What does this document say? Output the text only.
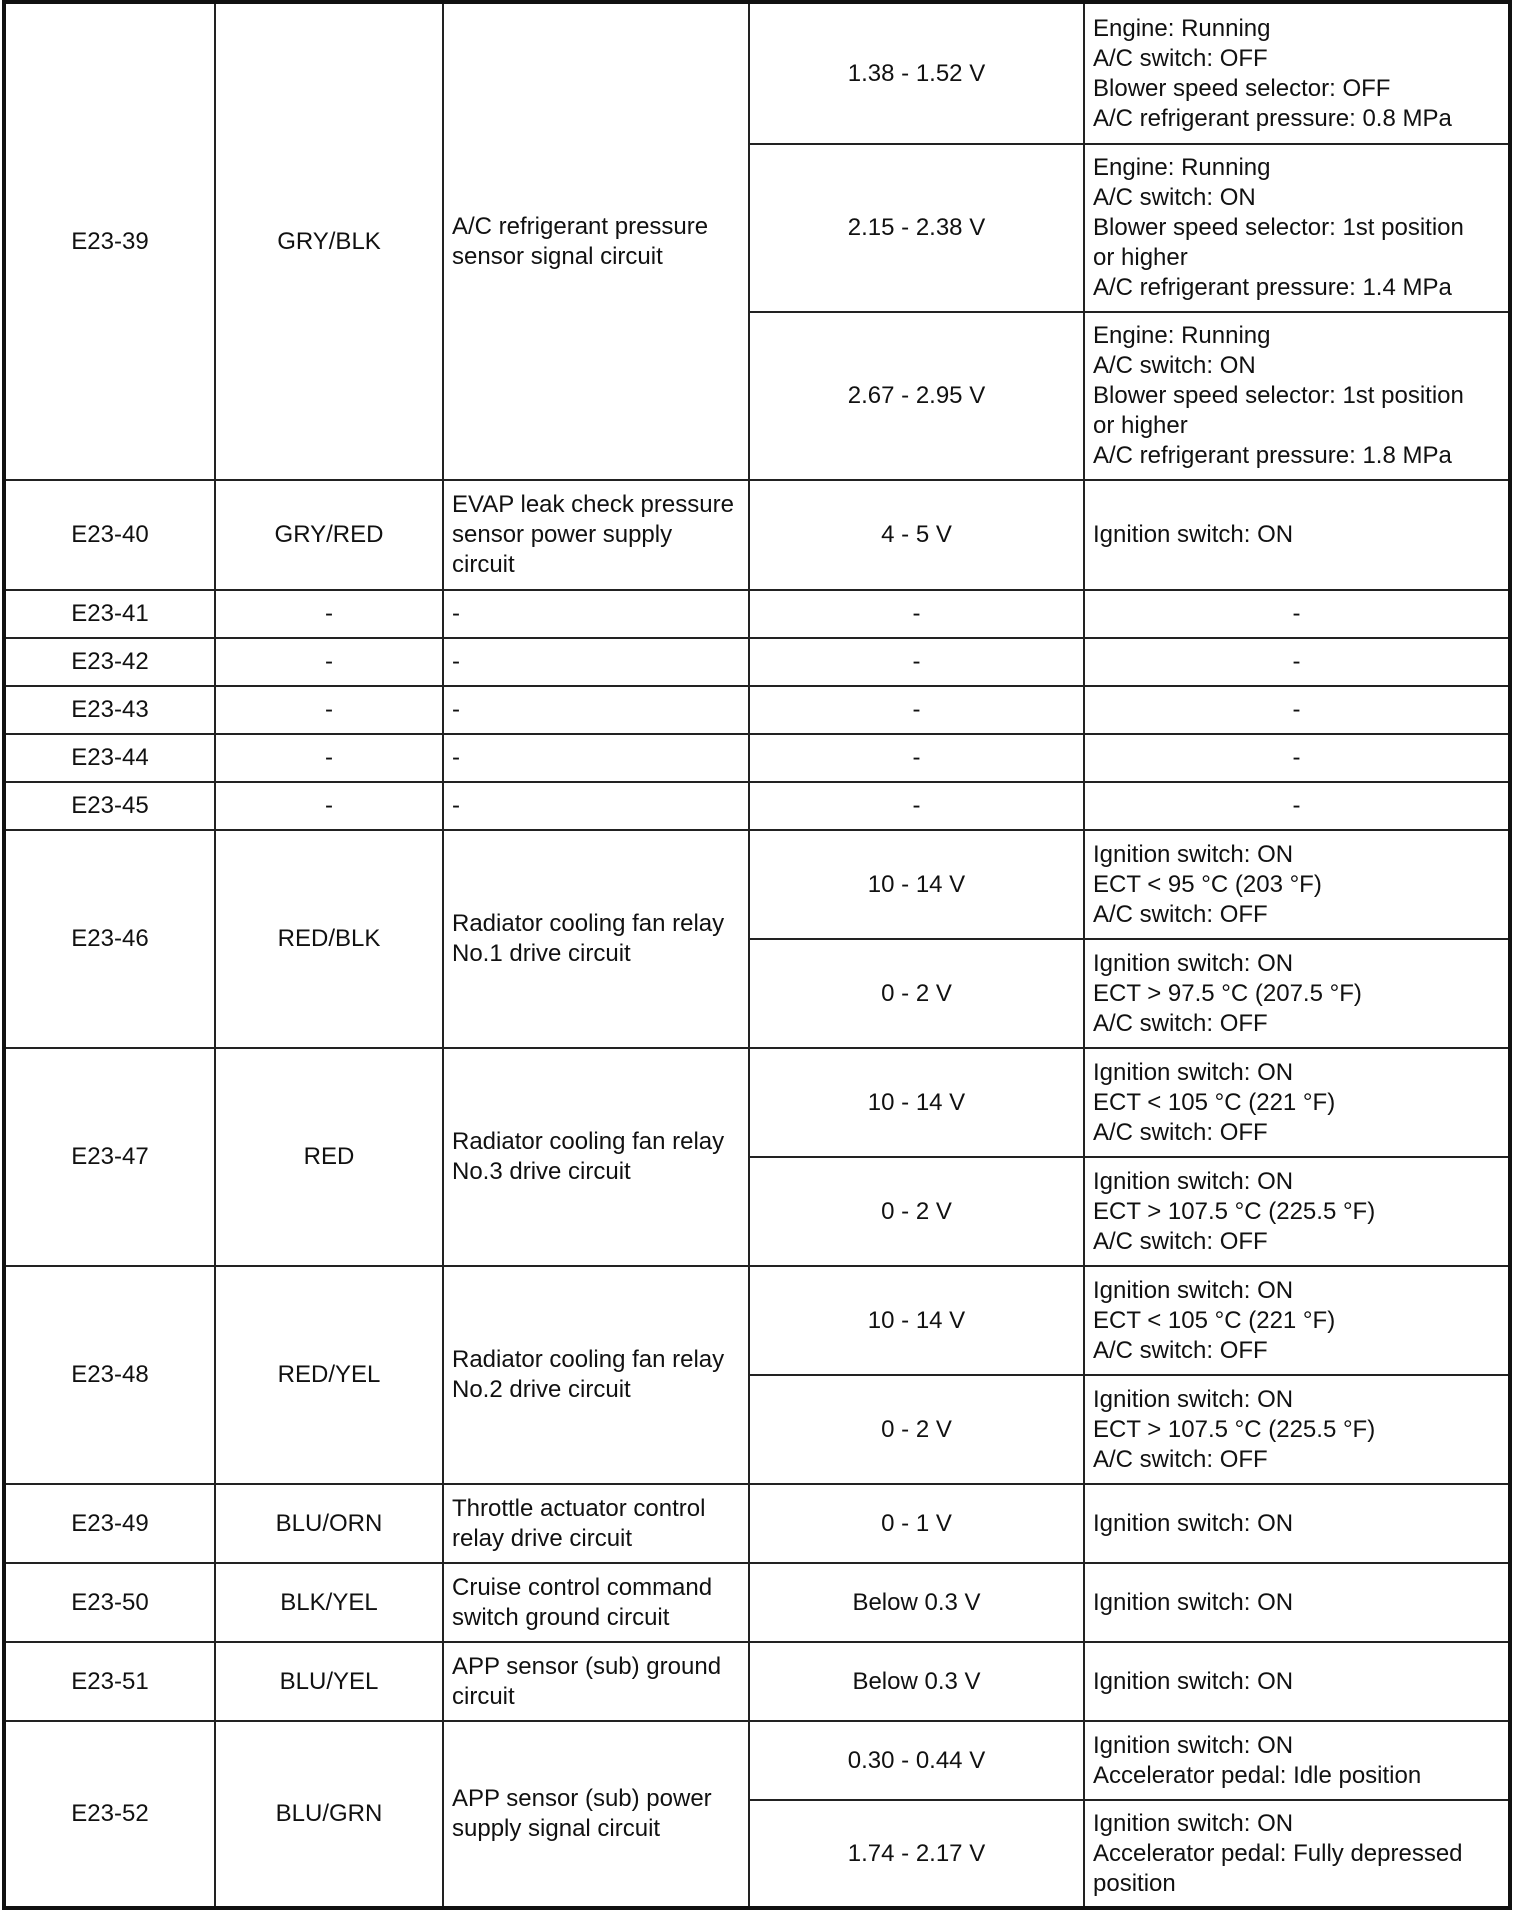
E23-39	GRY/BLK	A/C refrigerant pressure sensor signal circuit	1.38 - 1.52 V	Engine: Running
A/C switch: OFF
Blower speed selector: OFF
A/C refrigerant pressure: 0.8 MPa

			2.15 - 2.38 V	Engine: Running
A/C switch: ON
Blower speed selector: 1st position
or higher
A/C refrigerant pressure: 1.4 MPa

			2.67 - 2.95 V	Engine: Running
A/C switch: ON
Blower speed selector: 1st position
or higher
A/C refrigerant pressure: 1.8 MPa

E23-40	GRY/RED	EVAP leak check pressure sensor power supply circuit	4 - 5 V	Ignition switch: ON

E23-41	-	-	-	-

E23-42	-	-	-	-

E23-43	-	-	-	-

E23-44	-	-	-	-

E23-45	-	-	-	-

E23-46	RED/BLK	Radiator cooling fan relay No.1 drive circuit	10 - 14 V	Ignition switch: ON
ECT < 95 °C (203 °F)
A/C switch: OFF

			0 - 2 V	Ignition switch: ON
ECT > 97.5 °C (207.5 °F)
A/C switch: OFF

E23-47	RED	Radiator cooling fan relay No.3 drive circuit	10 - 14 V	Ignition switch: ON
ECT < 105 °C (221 °F)
A/C switch: OFF

			0 - 2 V	Ignition switch: ON
ECT > 107.5 °C (225.5 °F)
A/C switch: OFF

E23-48	RED/YEL	Radiator cooling fan relay No.2 drive circuit	10 - 14 V	Ignition switch: ON
ECT < 105 °C (221 °F)
A/C switch: OFF

			0 - 2 V	Ignition switch: ON
ECT > 107.5 °C (225.5 °F)
A/C switch: OFF

E23-49	BLU/ORN	Throttle actuator control relay drive circuit	0 - 1 V	Ignition switch: ON

E23-50	BLK/YEL	Cruise control command switch ground circuit	Below 0.3 V	Ignition switch: ON

E23-51	BLU/YEL	APP sensor (sub) ground circuit	Below 0.3 V	Ignition switch: ON

E23-52	BLU/GRN	APP sensor (sub) power supply signal circuit	0.30 - 0.44 V	Ignition switch: ON
Accelerator pedal: Idle position

			1.74 - 2.17 V	Ignition switch: ON
Accelerator pedal: Fully depressed
position
